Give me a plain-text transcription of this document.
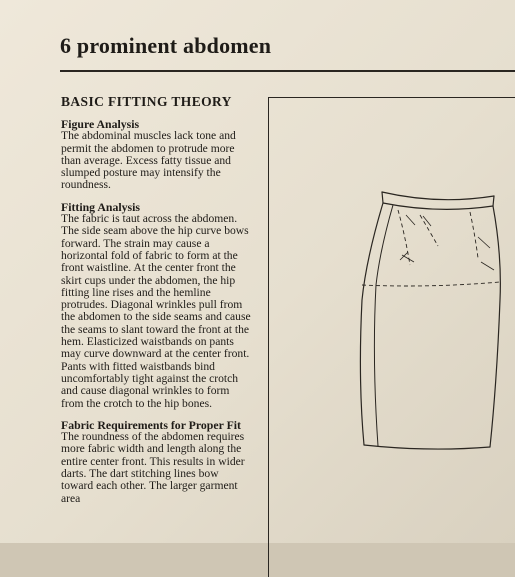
6 prominent abdomen
BASIC FITTING THEORY
Figure Analysis

The abdominal muscles lack tone and permit the abdomen to protrude more than average. Excess fatty tissue and slumped posture may intensify the roundness.

Fitting Analysis

The fabric is taut across the abdomen. The side seam above the hip curve bows forward. The strain may cause a horizontal fold of fabric to form at the front waistline. At the center front the skirt cups under the abdomen, the hip fitting line rises and the hemline protrudes. Diagonal wrinkles pull from the abdomen to the side seams and cause the seams to slant toward the front at the hem. Elasticized waistbands on pants may curve downward at the center front. Pants with fitted waistbands bind uncomfortably tight against the crotch and cause diagonal wrinkles to form from the crotch to the hip bones.

Fabric Requirements for Proper Fit

The roundness of the abdomen requires more fabric width and length along the entire center front. This results in wider darts. The dart stitching lines bow toward each other. The larger garment area
